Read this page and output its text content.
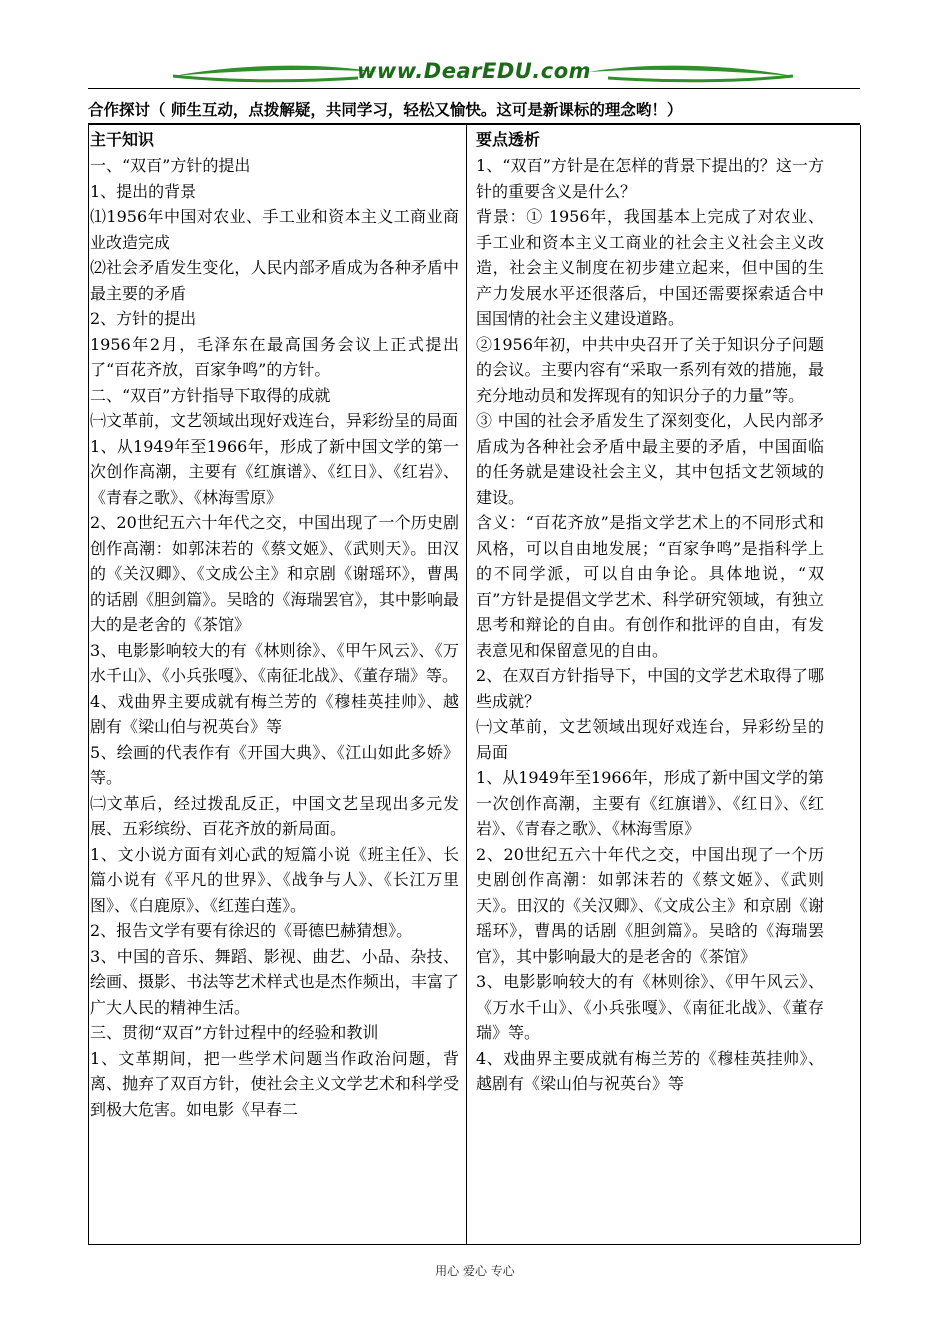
www.DearEDU.com
合作探讨（ 师生互动，点拨解疑，共同学习，轻松又愉快。这可是新课标的理念哟！）
主干知识

一、“双百”方针的提出

1、提出的背景

⑴1956年中国对农业、手工业和资本主义工商业商业改造完成

⑵社会矛盾发生变化，人民内部矛盾成为各种矛盾中最主要的矛盾

2、方针的提出

1956年2月，毛泽东在最高国务会议上正式提出了“百花齐放，百家争鸣”的方针。

二、“双百”方针指导下取得的成就

㈠文革前，文艺领域出现好戏连台，异彩纷呈的局面

1、从1949年至1966年，形成了新中国文学的第一次创作高潮，主要有《红旗谱》、《红日》、《红岩》、《青春之歌》、《林海雪原》

2、20世纪五六十年代之交，中国出现了一个历史剧创作高潮：如郭沫若的《蔡文姬》、《武则天》。田汉的《关汉卿》、《文成公主》和京剧《谢瑶环》，曹禺的话剧《胆剑篇》。吴晗的《海瑞罢官》，其中影响最大的是老舍的《茶馆》

3、电影影响较大的有《林则徐》、《甲午风云》、《万水千山》、《小兵张嘎》、《南征北战》、《董存瑞》等。

4、戏曲界主要成就有梅兰芳的《穆桂英挂帅》、越剧有《梁山伯与祝英台》等

5、绘画的代表作有《开国大典》、《江山如此多娇》等。

㈡文革后，经过拨乱反正，中国文艺呈现出多元发展、五彩缤纷、百花齐放的新局面。

1、文小说方面有刘心武的短篇小说《班主任》、长篇小说有《平凡的世界》、《战争与人》、《长江万里图》、《白鹿原》、《红莲白莲》。

2、报告文学有要有徐迟的《哥德巴赫猜想》。

3、中国的音乐、舞蹈、影视、曲艺、小品、杂技、绘画、摄影、书法等艺术样式也是杰作频出，丰富了广大人民的精神生活。

三、贯彻“双百”方针过程中的经验和教训

1、文革期间，把一些学术问题当作政治问题，背离、抛弃了双百方针，使社会主义文学艺术和科学受到极大危害。如电影《早春二

要点透析

1、“双百”方针是在怎样的背景下提出的？这一方针的重要含义是什么？

背景：① 1956年，我国基本上完成了对农业、手工业和资本主义工商业的社会主义社会主义改造，社会主义制度在初步建立起来，但中国的生产力发展水平还很落后，中国还需要探索适合中国国情的社会主义建设道路。

②1956年初，中共中央召开了关于知识分子问题的会议。主要内容有“采取一系列有效的措施，最充分地动员和发挥现有的知识分子的力量”等。

③ 中国的社会矛盾发生了深刻变化，人民内部矛盾成为各种社会矛盾中最主要的矛盾，中国面临的任务就是建设社会主义，其中包括文艺领域的建设。

含义：“百花齐放”是指文学艺术上的不同形式和风格，可以自由地发展；“百家争鸣”是指科学上的不同学派，可以自由争论。具体地说，“双百”方针是提倡文学艺术、科学研究领域，有独立思考和辩论的自由。有创作和批评的自由，有发表意见和保留意见的自由。

2、在双百方针指导下，中国的文学艺术取得了哪些成就？

㈠文革前，文艺领域出现好戏连台，异彩纷呈的局面

1、从1949年至1966年，形成了新中国文学的第一次创作高潮，主要有《红旗谱》、《红日》、《红岩》、《青春之歌》、《林海雪原》

2、20世纪五六十年代之交，中国出现了一个历史剧创作高潮：如郭沫若的《蔡文姬》、《武则天》。田汉的《关汉卿》、《文成公主》和京剧《谢瑶环》，曹禺的话剧《胆剑篇》。吴晗的《海瑞罢官》，其中影响最大的是老舍的《茶馆》

3、电影影响较大的有《林则徐》、《甲午风云》、《万水千山》、《小兵张嘎》、《南征北战》、《董存瑞》等。

4、戏曲界主要成就有梅兰芳的《穆桂英挂帅》、越剧有《梁山伯与祝英台》等

用心 爱心 专心
